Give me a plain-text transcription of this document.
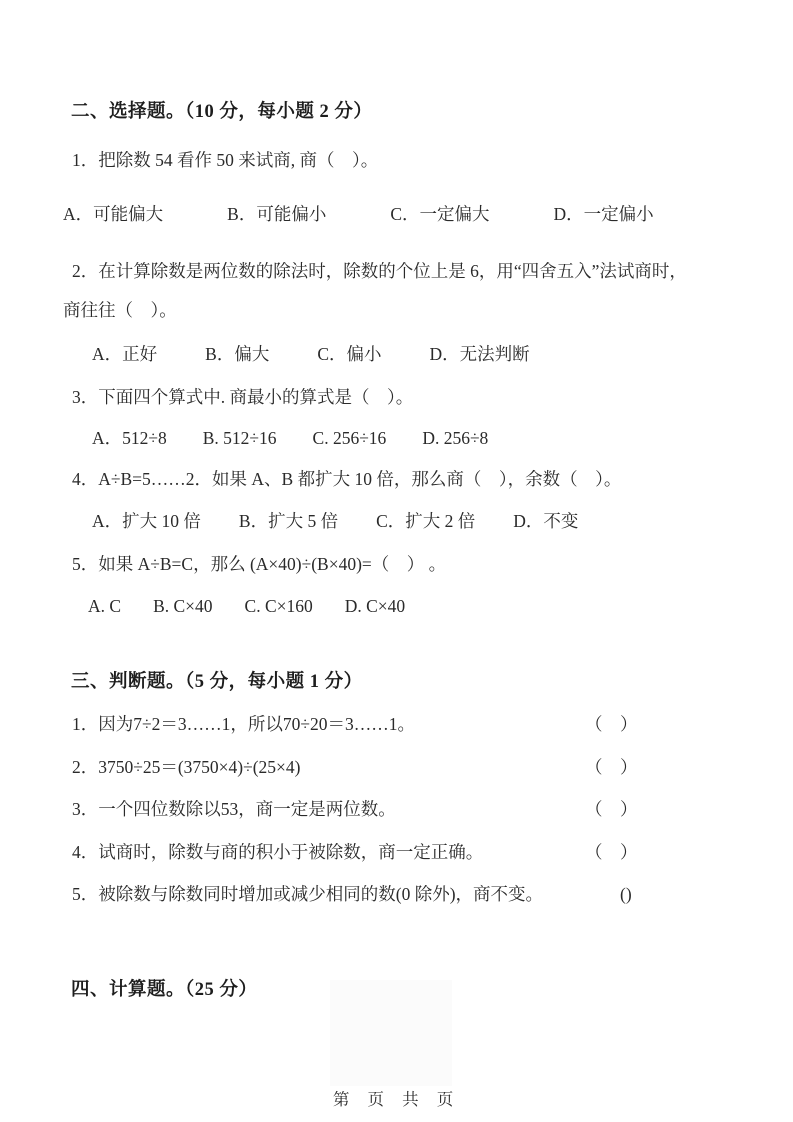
二、选择题。（10 分，每小题 2 分）
1．把除数 54 看作 50 来试商, 商（　）。
A．可能偏大	B．可能偏小	C．一定偏大	D．一定偏小
2．在计算除数是两位数的除法时，除数的个位上是 6，用“四舍五入”法试商时，
商往往（　）。
A．正好	B．偏大	C．偏小	D．无法判断
3．下面四个算式中. 商最小的算式是（　）。
A．512÷8 B. 512÷16 C. 256÷16 D. 256÷8
4．A÷B=5……2．如果 A、B 都扩大 10 倍，那么商（　），余数（　）。
A．扩大 10 倍 B．扩大 5 倍 C．扩大 2 倍 D．不变
5．如果 A÷B=C，那么 (A×40)÷(B×40)=（　） 。
A. C B. C×40 C. C×160 D. C×40
三、判断题。（5 分，每小题 1 分）
1．因为7÷2＝3……1，所以70÷20＝3……1。	（　）
2．3750÷25＝(3750×4)÷(25×4)	（　）
3．一个四位数除以53，商一定是两位数。	（　）
4．试商时，除数与商的积小于被除数，商一定正确。	（　）
5．被除数与除数同时增加或减少相同的数(0 除外)，商不变。	()
四、计算题。（25 分）
第 页 共 页
